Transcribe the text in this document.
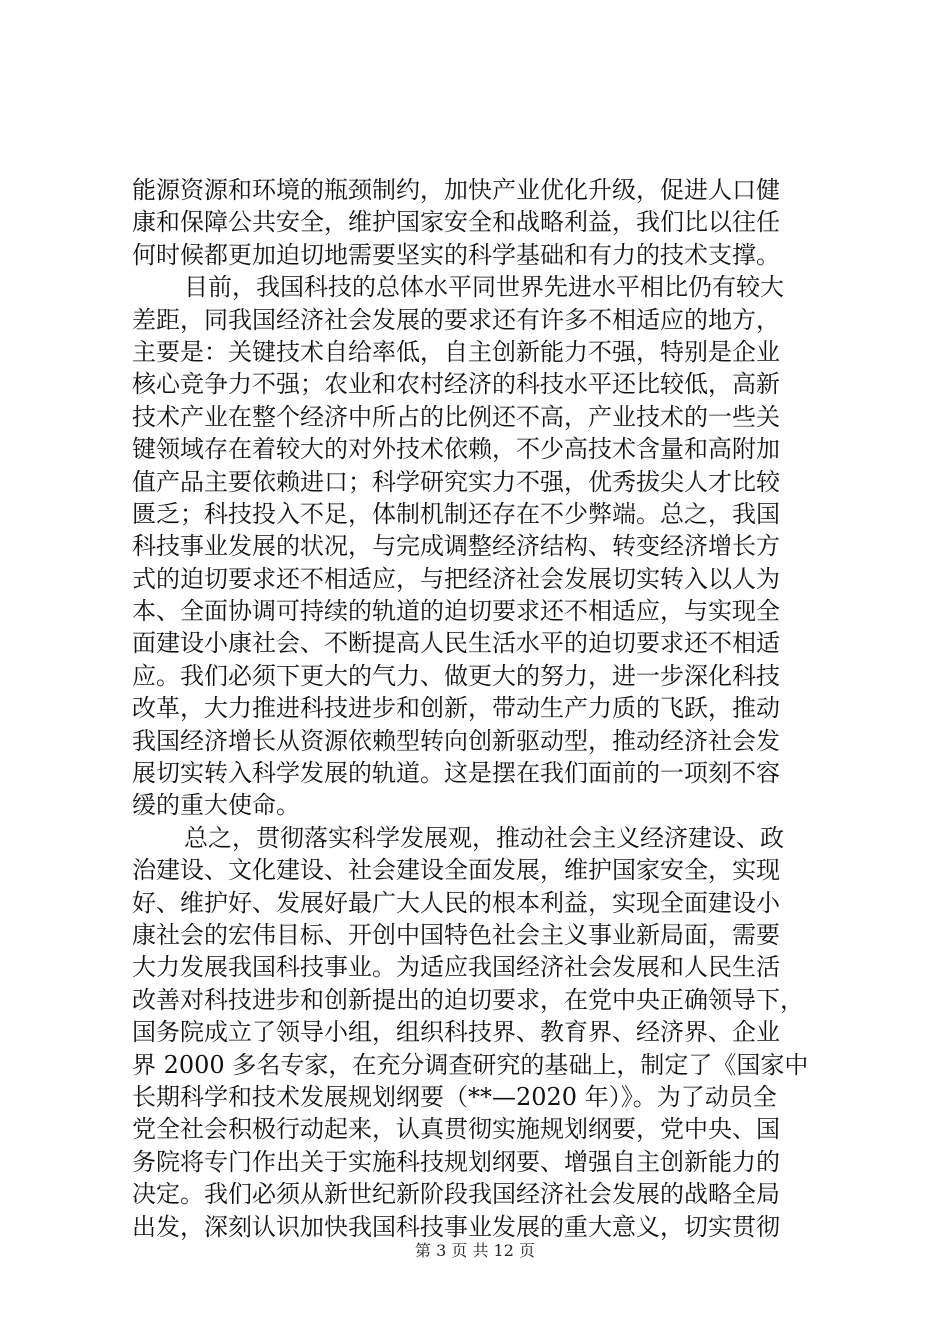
能源资源和环境的瓶颈制约，加快产业优化升级，促进人口健
康和保障公共安全，维护国家安全和战略利益，我们比以往任
何时候都更加迫切地需要坚实的科学基础和有力的技术支撑。
目前，我国科技的总体水平同世界先进水平相比仍有较大
差距，同我国经济社会发展的要求还有许多不相适应的地方，
主要是：关键技术自给率低，自主创新能力不强，特别是企业
核心竞争力不强；农业和农村经济的科技水平还比较低，高新
技术产业在整个经济中所占的比例还不高，产业技术的一些关
键领域存在着较大的对外技术依赖，不少高技术含量和高附加
值产品主要依赖进口；科学研究实力不强，优秀拔尖人才比较
匮乏；科技投入不足，体制机制还存在不少弊端。总之，我国
科技事业发展的状况，与完成调整经济结构、转变经济增长方
式的迫切要求还不相适应，与把经济社会发展切实转入以人为
本、全面协调可持续的轨道的迫切要求还不相适应，与实现全
面建设小康社会、不断提高人民生活水平的迫切要求还不相适
应。我们必须下更大的气力、做更大的努力，进一步深化科技
改革，大力推进科技进步和创新，带动生产力质的飞跃，推动
我国经济增长从资源依赖型转向创新驱动型，推动经济社会发
展切实转入科学发展的轨道。这是摆在我们面前的一项刻不容
缓的重大使命。
总之，贯彻落实科学发展观，推动社会主义经济建设、政
治建设、文化建设、社会建设全面发展，维护国家安全，实现
好、维护好、发展好最广大人民的根本利益，实现全面建设小
康社会的宏伟目标、开创中国特色社会主义事业新局面，需要
大力发展我国科技事业。为适应我国经济社会发展和人民生活
改善对科技进步和创新提出的迫切要求，在党中央正确领导下，
国务院成立了领导小组，组织科技界、教育界、经济界、企业
界 2000 多名专家，在充分调查研究的基础上，制定了《国家中
长期科学和技术发展规划纲要（**—2020 年）》。为了动员全
党全社会积极行动起来，认真贯彻实施规划纲要，党中央、国
务院将专门作出关于实施科技规划纲要、增强自主创新能力的
决定。我们必须从新世纪新阶段我国经济社会发展的战略全局
出发，深刻认识加快我国科技事业发展的重大意义，切实贯彻
第 3 页 共 12 页
